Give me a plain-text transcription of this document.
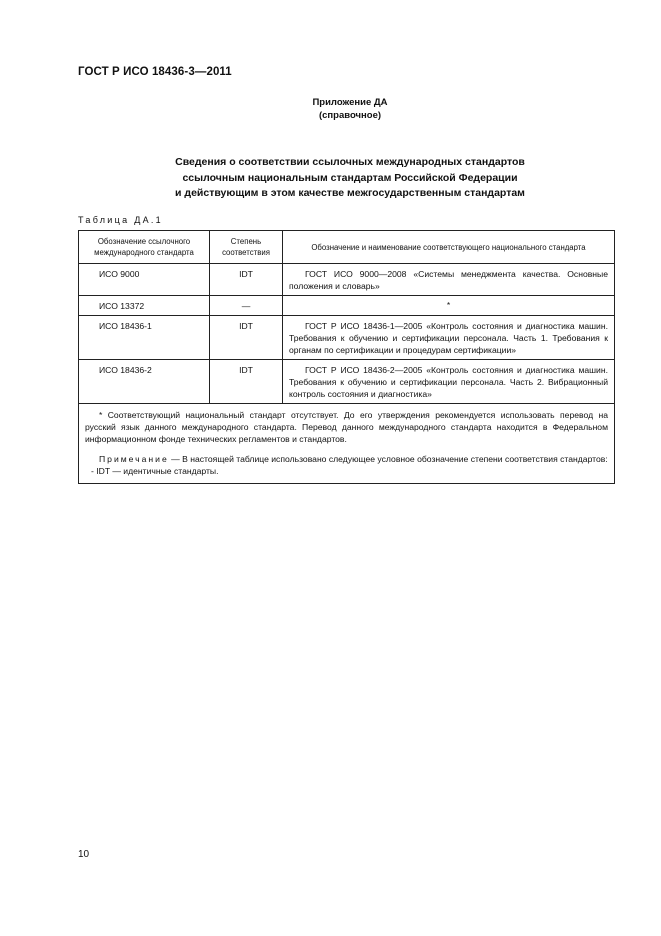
ГОСТ Р ИСО 18436-3—2011
Приложение ДА
(справочное)
Сведения о соответствии ссылочных международных стандартов
ссылочным национальным стандартам Российской Федерации
и действующим в этом качестве межгосударственным стандартам
Таблица ДА.1
Обозначение ссылочного международного стандарта	Степень соответствия	Обозначение и наименование соответствующего национального стандарта
ИСО 9000	IDT	ГОСТ ИСО 9000—2008 «Системы менеджмента качества. Основные положения и словарь»

ИСО 13372	—	*
ИСО 18436-1	IDT	ГОСТ Р ИСО 18436-1—2005 «Контроль состояния и диагностика машин. Требования к обучению и сертификации персонала. Часть 1. Требования к органам по сертификации и процедурам сертификации»

ИСО 18436-2	IDT	ГОСТ Р ИСО 18436-2—2005 «Контроль состояния и диагностика машин. Требования к обучению и сертификации персонала. Часть 2. Вибрационный контроль состояния и диагностика»

* Соответствующий национальный стандарт отсутствует. До его утверждения рекомендуется использовать перевод на русский язык данного международного стандарта. Перевод данного международного стандарта находится в Федеральном информационном фонде технических регламентов и стандартов.

Примечание — В настоящей таблице использовано следующее условное обозначение степени соответствия стандартов:

- IDT — идентичные стандарты.		

10
